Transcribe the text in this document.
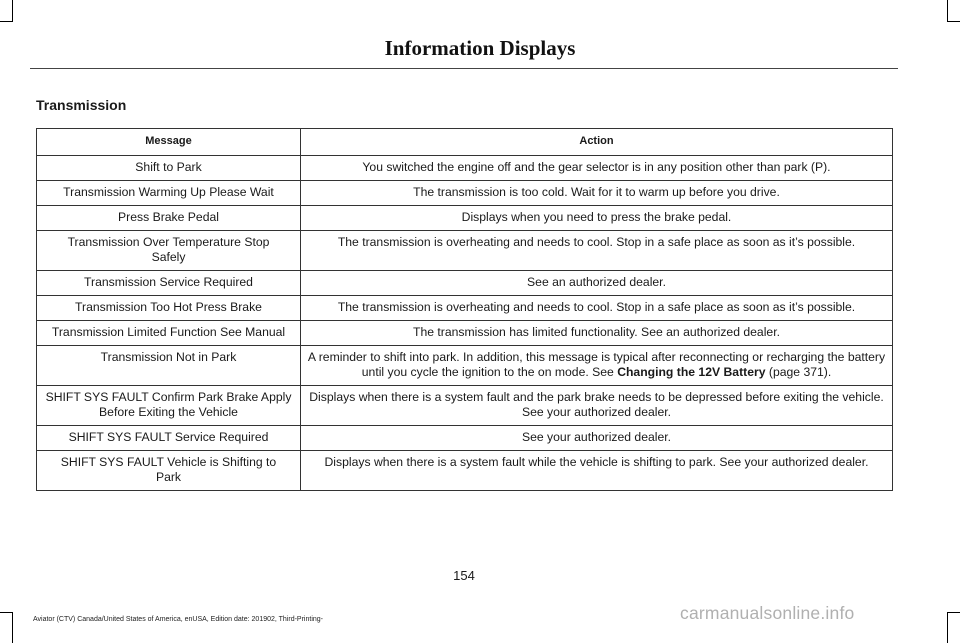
Information Displays
Transmission
Message	Action
Shift to Park	You switched the engine off and the gear selector is in any position other than park (P).
Transmission Warming Up Please Wait	The transmission is too cold. Wait for it to warm up before you drive.
Press Brake Pedal	Displays when you need to press the brake pedal.
Transmission Over Temperature Stop Safely	The transmission is overheating and needs to cool. Stop in a safe place as soon as it’s possible.
Transmission Service Required	See an authorized dealer.
Transmission Too Hot Press Brake	The transmission is overheating and needs to cool. Stop in a safe place as soon as it’s possible.
Transmission Limited Function See Manual	The transmission has limited functionality. See an authorized dealer.
Transmission Not in Park	A reminder to shift into park. In addition, this message is typical after reconnecting or recharging the battery until you cycle the ignition to the on mode. See Changing the 12V Battery (page 371).
SHIFT SYS FAULT Confirm Park Brake Apply Before Exiting the Vehicle	Displays when there is a system fault and the park brake needs to be depressed before exiting the vehicle. See your authorized dealer.
SHIFT SYS FAULT Service Required	See your authorized dealer.
SHIFT SYS FAULT Vehicle is Shifting to Park	Displays when there is a system fault while the vehicle is shifting to park. See your authorized dealer.
154
Aviator (CTV) Canada/United States of America, enUSA, Edition date: 201902, Third-Printing-	carmanualsonline.info
